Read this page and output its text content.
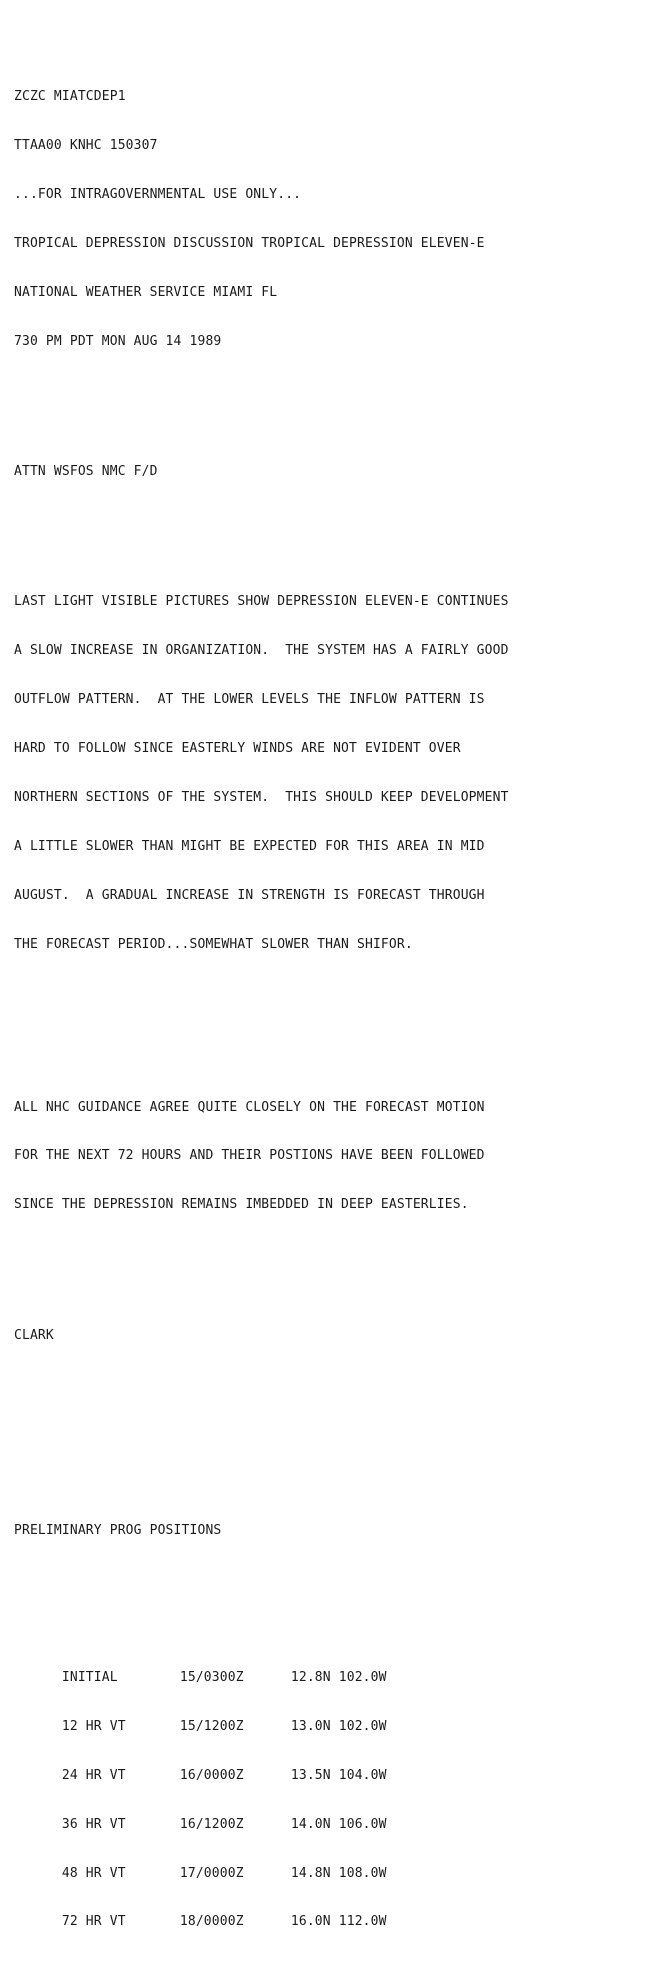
ZCZC MIATCDEP1

TTAA00 KNHC 150307

...FOR INTRAGOVERNMENTAL USE ONLY...

TROPICAL DEPRESSION DISCUSSION TROPICAL DEPRESSION ELEVEN-E

NATIONAL WEATHER SERVICE MIAMI FL

730 PM PDT MON AUG 14 1989

ATTN WSFOS NMC F/D

LAST LIGHT VISIBLE PICTURES SHOW DEPRESSION ELEVEN-E CONTINUES

A SLOW INCREASE IN ORGANIZATION.  THE SYSTEM HAS A FAIRLY GOOD

OUTFLOW PATTERN.  AT THE LOWER LEVELS THE INFLOW PATTERN IS

HARD TO FOLLOW SINCE EASTERLY WINDS ARE NOT EVIDENT OVER

NORTHERN SECTIONS OF THE SYSTEM.  THIS SHOULD KEEP DEVELOPMENT

A LITTLE SLOWER THAN MIGHT BE EXPECTED FOR THIS AREA IN MID

AUGUST.  A GRADUAL INCREASE IN STRENGTH IS FORECAST THROUGH

THE FORECAST PERIOD...SOMEWHAT SLOWER THAN SHIFOR.

ALL NHC GUIDANCE AGREE QUITE CLOSELY ON THE FORECAST MOTION

FOR THE NEXT 72 HOURS AND THEIR POSTIONS HAVE BEEN FOLLOWED

SINCE THE DEPRESSION REMAINS IMBEDDED IN DEEP EASTERLIES.

CLARK

PRELIMINARY PROG POSITIONS

INITIAL	15/0300Z	12.8N 102.0W

12 HR VT	15/1200Z	13.0N 102.0W

24 HR VT	16/0000Z	13.5N 104.0W

36 HR VT	16/1200Z	14.0N 106.0W

48 HR VT	17/0000Z	14.8N 108.0W

72 HR VT	18/0000Z	16.0N 112.0W
